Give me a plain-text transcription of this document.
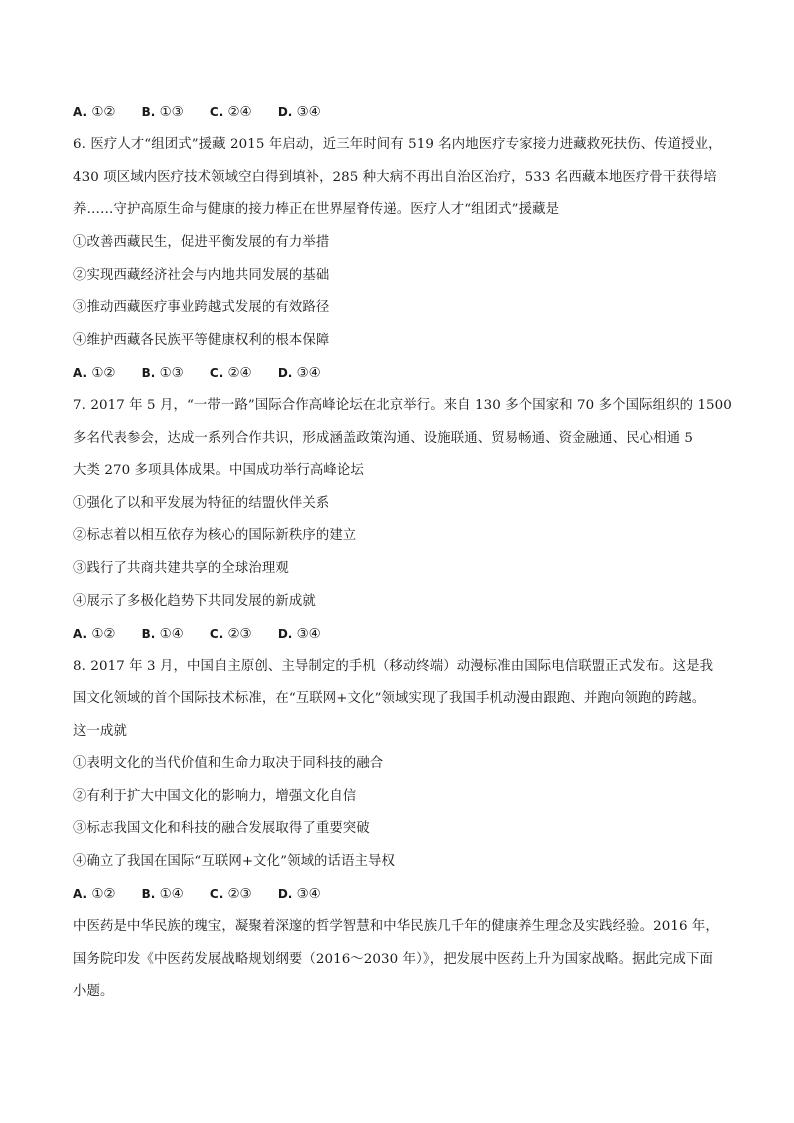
A. ①② B. ①③ C. ②④ D. ③④
6. 医疗人才“组团式”援藏 2015 年启动，近三年时间有 519 名内地医疗专家接力进藏救死扶伤、传道授业，
430 项区域内医疗技术领域空白得到填补，285 种大病不再出自治区治疗，533 名西藏本地医疗骨干获得培
养……守护高原生命与健康的接力棒正在世界屋脊传递。医疗人才“组团式”援藏是
①改善西藏民生，促进平衡发展的有力举措
②实现西藏经济社会与内地共同发展的基础
③推动西藏医疗事业跨越式发展的有效路径
④维护西藏各民族平等健康权利的根本保障
A. ①② B. ①③ C. ②④ D. ③④
7. 2017 年 5 月，“一带一路”国际合作高峰论坛在北京举行。来自 130 多个国家和 70 多个国际组织的 1500
多名代表参会，达成一系列合作共识，形成涵盖政策沟通、设施联通、贸易畅通、资金融通、民心相通 5
大类 270 多项具体成果。中国成功举行高峰论坛
①强化了以和平发展为特征的结盟伙伴关系
②标志着以相互依存为核心的国际新秩序的建立
③践行了共商共建共享的全球治理观
④展示了多极化趋势下共同发展的新成就
A. ①② B. ①④ C. ②③ D. ③④
8. 2017 年 3 月，中国自主原创、主导制定的手机（移动终端）动漫标准由国际电信联盟正式发布。这是我
国文化领域的首个国际技术标准，在“互联网+文化”领域实现了我国手机动漫由跟跑、并跑向领跑的跨越。
这一成就
①表明文化的当代价值和生命力取决于同科技的融合
②有利于扩大中国文化的影响力，增强文化自信
③标志我国文化和科技的融合发展取得了重要突破
④确立了我国在国际“互联网+文化”领域的话语主导权
A. ①② B. ①④ C. ②③ D. ③④
中医药是中华民族的瑰宝，凝聚着深邃的哲学智慧和中华民族几千年的健康养生理念及实践经验。2016 年，
国务院印发《中医药发展战略规划纲要（2016～2030 年）》，把发展中医药上升为国家战略。据此完成下面
小题。
